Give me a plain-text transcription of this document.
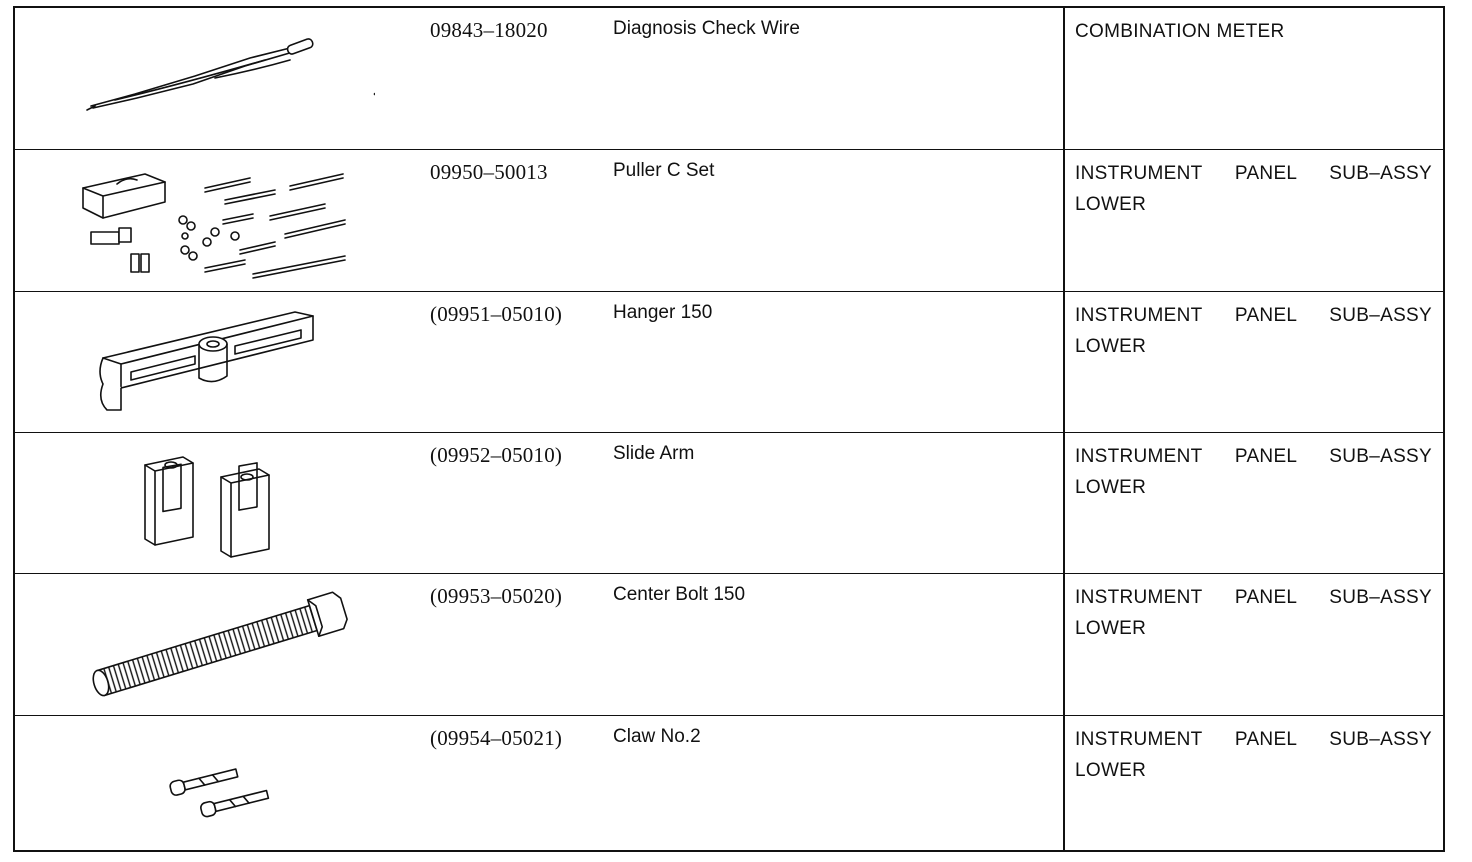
09843–18020	Diagnosis Check Wire	COMBINATION METER
09950–50013	Puller C Set	INSTRUMENT PANEL SUB–ASSY
LOWER
(09951–05010)	Hanger 150	INSTRUMENT PANEL SUB–ASSY
LOWER
(09952–05010)	Slide Arm	INSTRUMENT PANEL SUB–ASSY
LOWER
(09953–05020)	Center Bolt 150	INSTRUMENT PANEL SUB–ASSY
LOWER
(09954–05021)	Claw No.2	INSTRUMENT PANEL SUB–ASSY
LOWER
